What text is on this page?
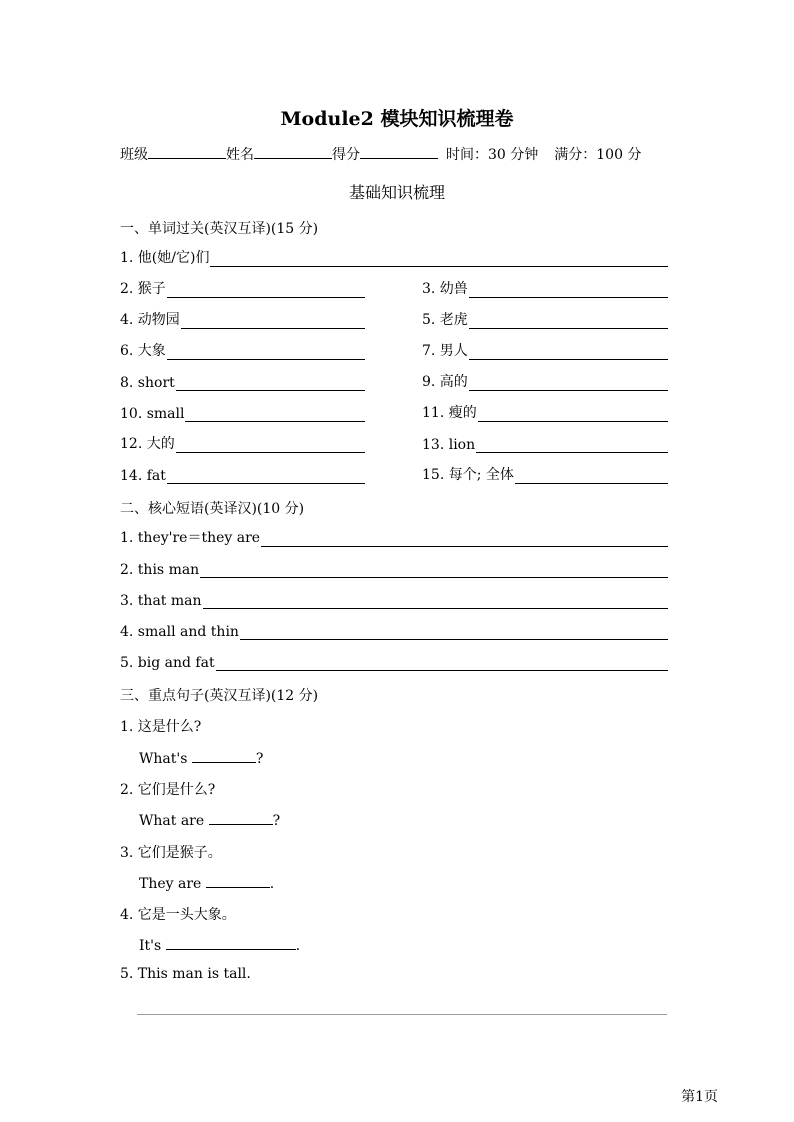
Module2 模块知识梳理卷
班级	姓名	得分	时间：30 分钟 满分：100 分
基础知识梳理
一、单词过关(英汉互译)(15 分)
1. 他(她/它)们
2. 猴子	3. 幼兽
4. 动物园	5. 老虎
6. 大象	7. 男人
8. short	9. 高的
10. small	11. 瘦的
12. 大的	13. lion
14. fat	15. 每个; 全体
二、核心短语(英译汉)(10 分)
1. they're＝they are
2. this man
3. that man
4. small and thin
5. big and fat
三、重点句子(英汉互译)(12 分)
1. 这是什么?
What's	?
2. 它们是什么?
What are	?
3. 它们是猴子。
They are	.
4. 它是一头大象。
It's	.
5. This man is tall.
第1页
